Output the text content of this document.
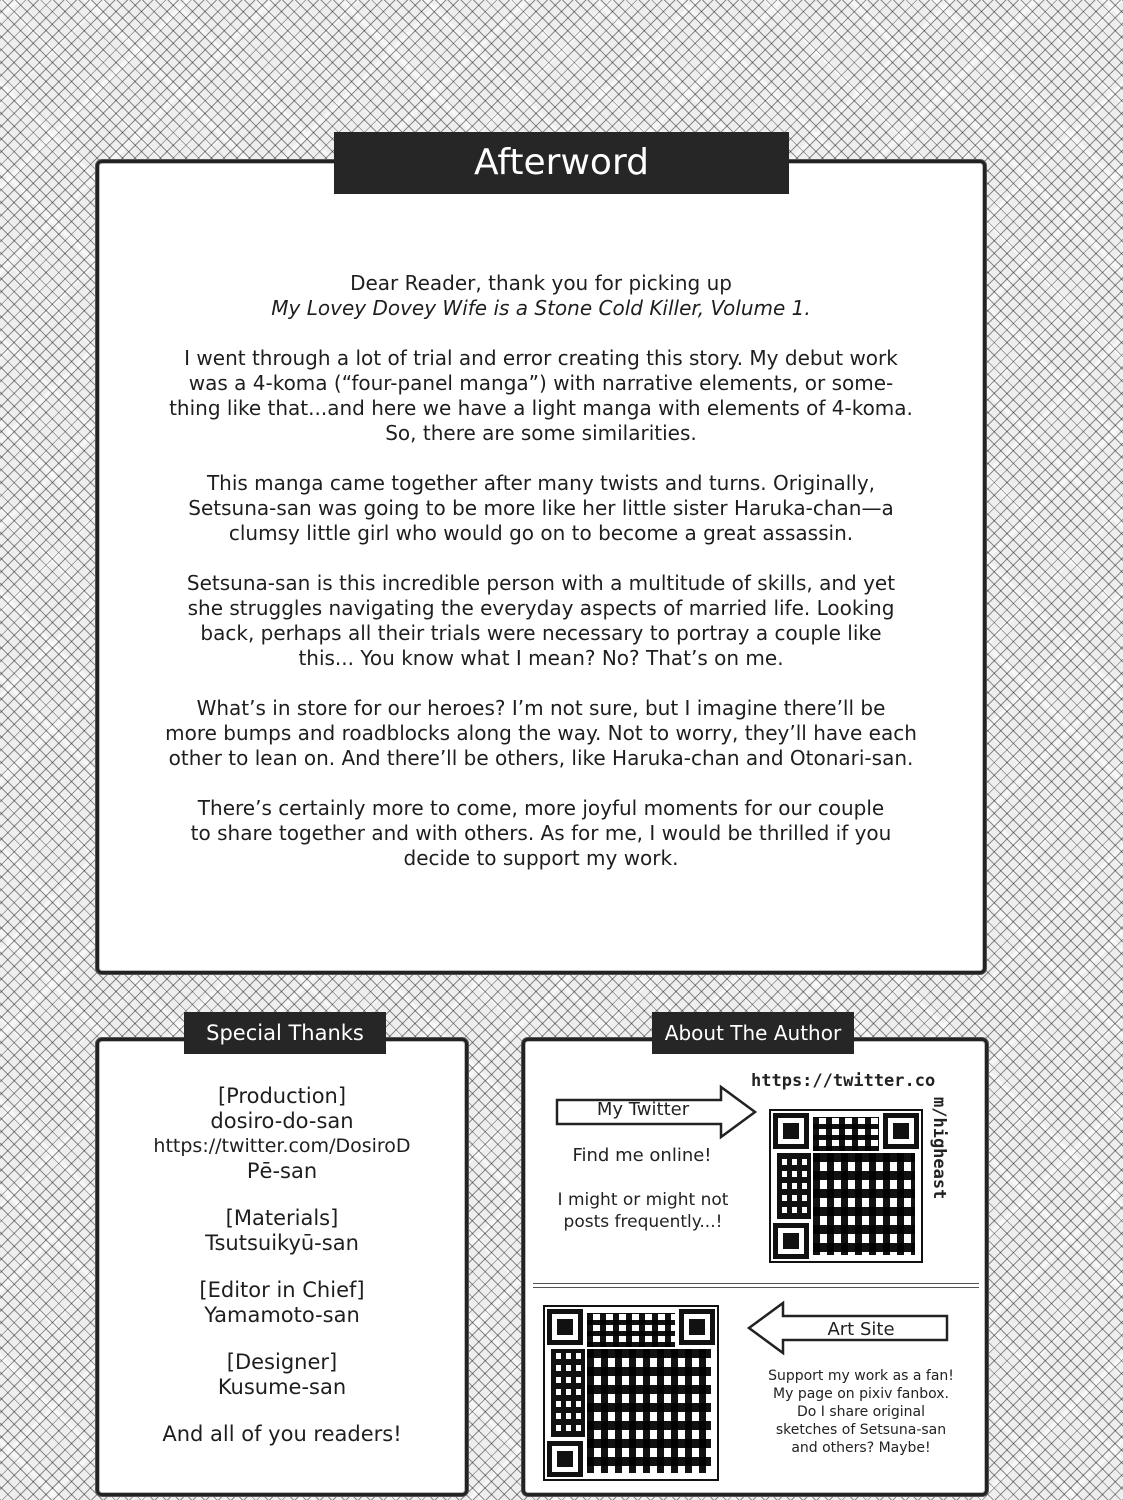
Dear Reader, thank you for picking up
My Lovey Dovey Wife is a Stone Cold Killer, Volume 1.

I went through a lot of trial and error creating this story. My debut work
was a 4-koma (“four-panel manga”) with narrative elements, or some-
thing like that...and here we have a light manga with elements of 4-koma.
So, there are some similarities.

This manga came together after many twists and turns. Originally,
Setsuna-san was going to be more like her little sister Haruka-chan—a
clumsy little girl who would go on to become a great assassin.

Setsuna-san is this incredible person with a multitude of skills, and yet
she struggles navigating the everyday aspects of married life. Looking
back, perhaps all their trials were necessary to portray a couple like
this... You know what I mean? No? That’s on me.

What’s in store for our heroes? I’m not sure, but I imagine there’ll be
more bumps and roadblocks along the way. Not to worry, they’ll have each
other to lean on. And there’ll be others, like Haruka-chan and Otonari-san.

There’s certainly more to come, more joyful moments for our couple
to share together and with others. As for me, I would be thrilled if you
decide to support my work.

Afterword
[Production]
dosiro-do-san
https://twitter.com/DosiroD
Pē-san
[Materials]
Tsutsuikyū-san
[Editor in Chief]
Yamamoto-san
[Designer]
Kusume-san
And all of you readers!
Special Thanks
My Twitter
https://twitter.co
m/higheast
Find me online!
I might or might not
posts frequently...!
Art Site
Support my work as a fan!
My page on pixiv fanbox.
Do I share original
sketches of Setsuna-san
and others? Maybe!
About The Author
